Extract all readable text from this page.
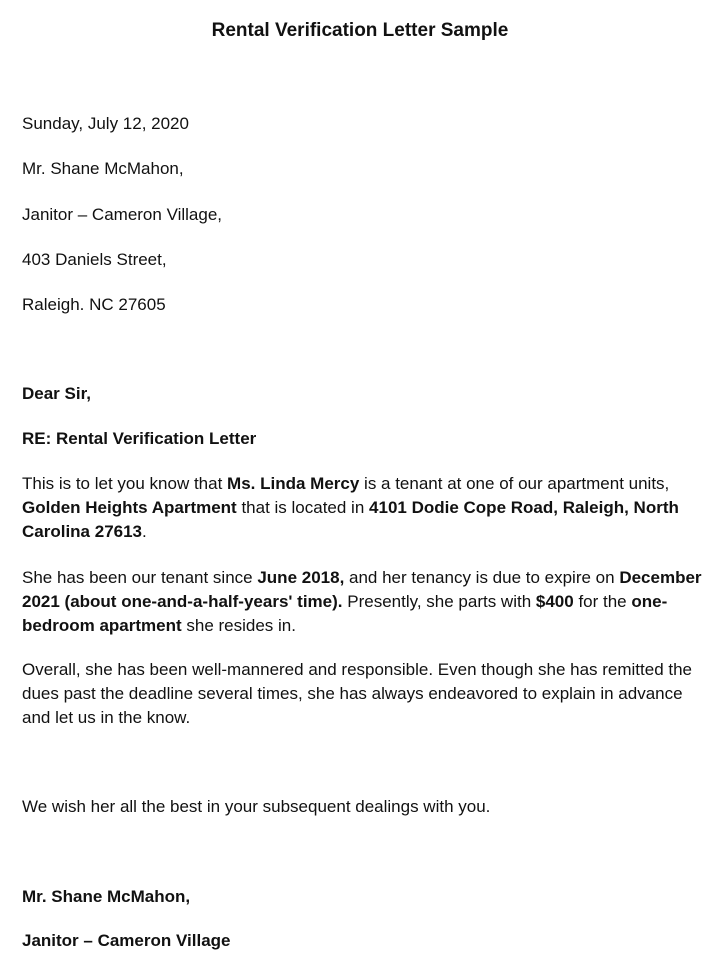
Rental Verification Letter Sample

Sunday, July 12, 2020

Mr. Shane McMahon,

Janitor – Cameron Village,

403 Daniels Street,

Raleigh. NC 27605

Dear Sir,

RE: Rental Verification Letter

This is to let you know that Ms. Linda Mercy is a tenant at one of our apartment units, Golden Heights Apartment that is located in 4101 Dodie Cope Road, Raleigh, North Carolina 27613.

She has been our tenant since June 2018, and her tenancy is due to expire on December 2021 (about one-and-a-half-years' time). Presently, she parts with $400 for the one-bedroom apartment she resides in.

Overall, she has been well-mannered and responsible. Even though she has remitted the dues past the deadline several times, she has always endeavored to explain in advance and let us in the know.

We wish her all the best in your subsequent dealings with you.

Mr. Shane McMahon,

Janitor – Cameron Village
